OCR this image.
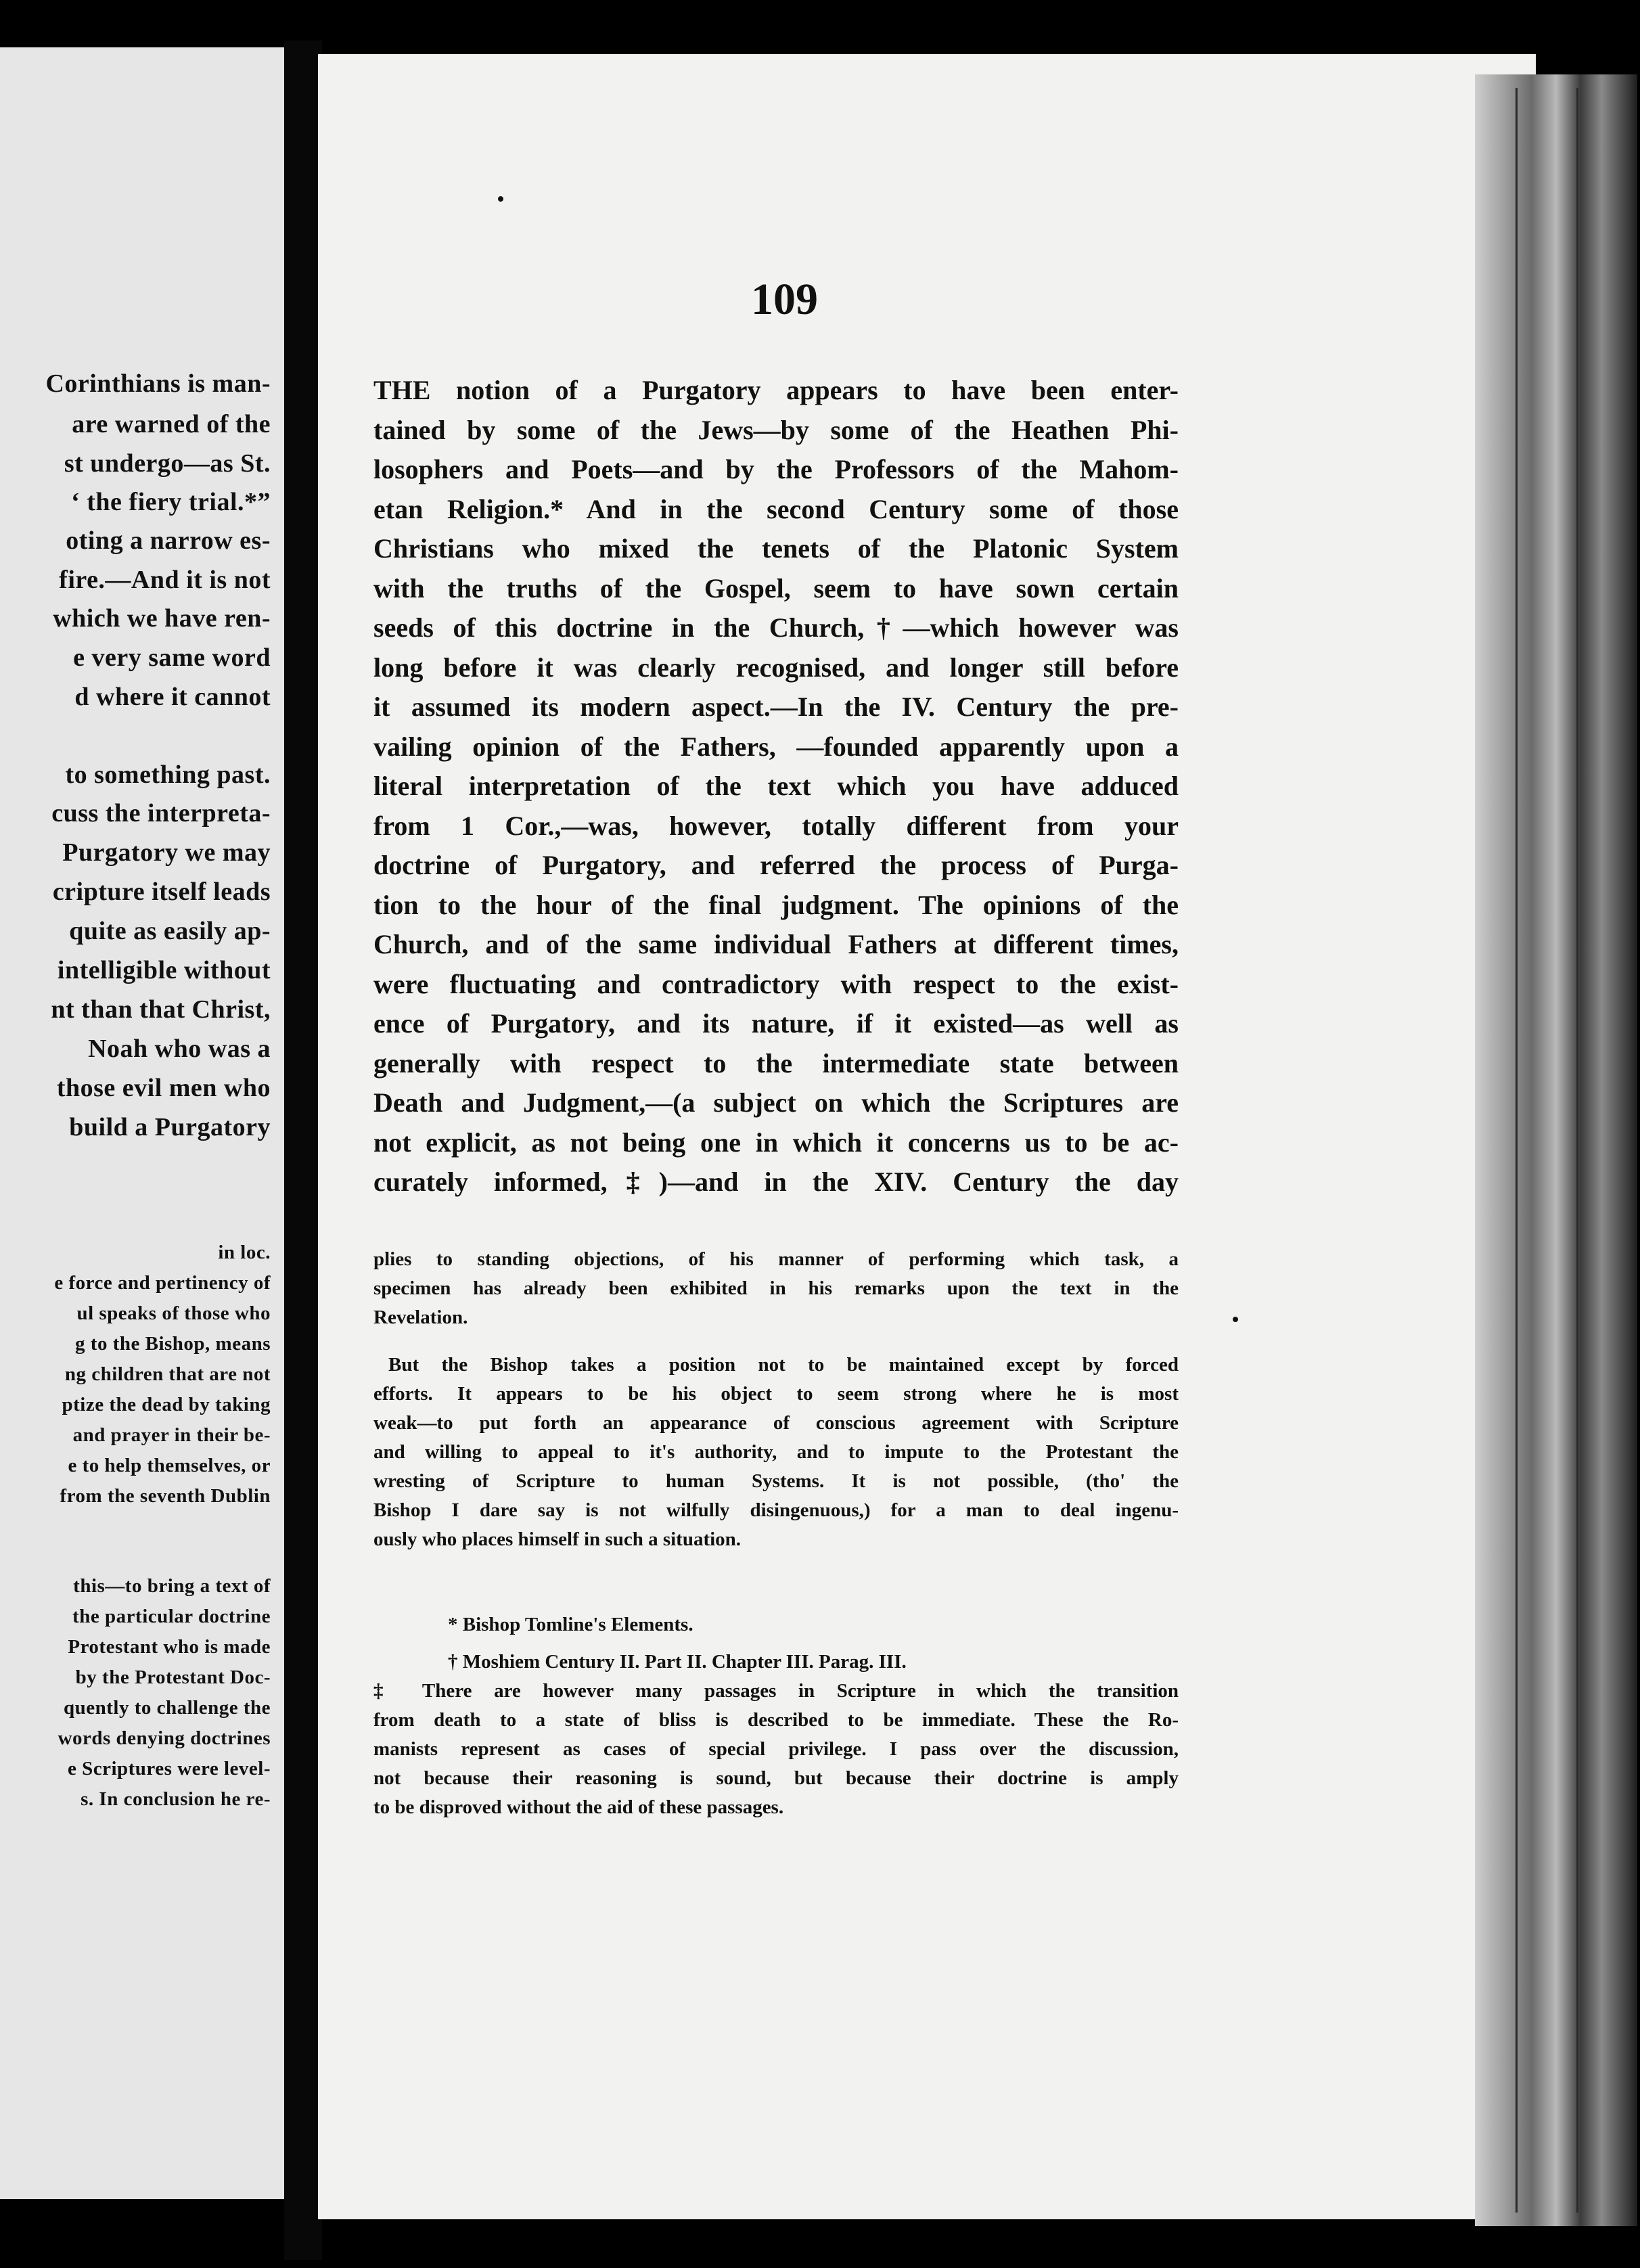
Corinthians is man-
are warned of the
st undergo—as St.
‘ the fiery trial.*”
oting a narrow es-
fire.—And it is not
which we have ren-
e very same word
d where it cannot
to something past.
cuss the interpreta-
Purgatory we may
cripture itself leads
quite as easily ap-
intelligible without
nt than that Christ,
Noah who was a
those evil men who
build a Purgatory
in loc.
e force and pertinency of
ul speaks of those who
g to the Bishop, means
ng children that are not
ptize the dead by taking
and prayer in their be-
e to help themselves, or
from the seventh Dublin
this—to bring a text of
the particular doctrine
Protestant who is made
by the Protestant Doc-
quently to challenge the
words denying doctrines
e Scriptures were level-
s. In conclusion he re-
109
THE notion of a Purgatory appears to have been enter-
tained by some of the Jews—by some of the Heathen Phi-
losophers and Poets—and by the Professors of the Mahom-
etan Religion.* And in the second Century some of those
Christians who mixed the tenets of the Platonic System
with the truths of the Gospel, seem to have sown certain
seeds of this doctrine in the Church,†—which however was
long before it was clearly recognised, and longer still before
it assumed its modern aspect.—In the IV. Century the pre-
vailing opinion of the Fathers, —founded apparently upon a
literal interpretation of the text which you have adduced
from 1 Cor.,—was, however, totally different from your
doctrine of Purgatory, and referred the process of Purga-
tion to the hour of the final judgment. The opinions of the
Church, and of the same individual Fathers at different times,
were fluctuating and contradictory with respect to the exist-
ence of Purgatory, and its nature, if it existed—as well as
generally with respect to the intermediate state between
Death and Judgment,—(a subject on which the Scriptures are
not explicit, as not being one in which it concerns us to be ac-
curately informed,‡)—and in the XIV. Century the day
plies to standing objections, of his manner of performing which task, a
specimen has already been exhibited in his remarks upon the text in the
Revelation.
But the Bishop takes a position not to be maintained except by forced
efforts. It appears to be his object to seem strong where he is most
weak—to put forth an appearance of conscious agreement with Scripture
and willing to appeal to it's authority, and to impute to the Protestant the
wresting of Scripture to human Systems. It is not possible, (tho' the
Bishop I dare say is not wilfully disingenuous,) for a man to deal ingenu-
ously who places himself in such a situation.
* Bishop Tomline's Elements.
† Moshiem Century II. Part II. Chapter III. Parag. III.
‡ There are however many passages in Scripture in which the transition
from death to a state of bliss is described to be immediate. These the Ro-
manists represent as cases of special privilege. I pass over the discussion,
not because their reasoning is sound, but because their doctrine is amply
to be disproved without the aid of these passages.
